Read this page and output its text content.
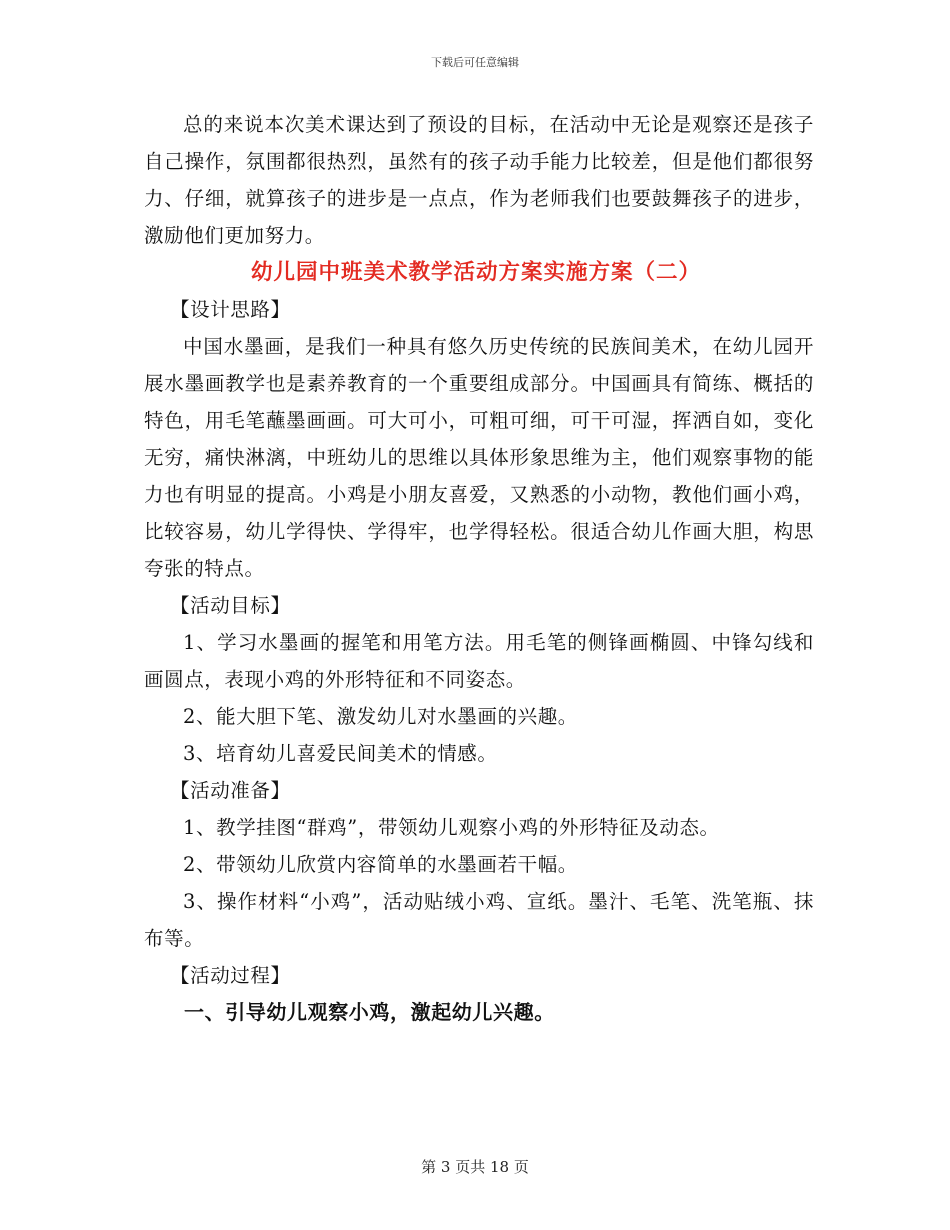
下载后可任意编辑

总的来说本次美术课达到了预设的目标，在活动中无论是观察还是孩子自己操作，氛围都很热烈，虽然有的孩子动手能力比较差，但是他们都很努力、仔细，就算孩子的进步是一点点，作为老师我们也要鼓舞孩子的进步，激励他们更加努力。

幼儿园中班美术教学活动方案实施方案（二）

【设计思路】

中国水墨画，是我们一种具有悠久历史传统的民族间美术，在幼儿园开展水墨画教学也是素养教育的一个重要组成部分。中国画具有简练、概括的特色，用毛笔蘸墨画画。可大可小，可粗可细，可干可湿，挥洒自如，变化无穷，痛快淋漓，中班幼儿的思维以具体形象思维为主，他们观察事物的能力也有明显的提高。小鸡是小朋友喜爱，又熟悉的小动物，教他们画小鸡，比较容易，幼儿学得快、学得牢，也学得轻松。很适合幼儿作画大胆，构思夸张的特点。

【活动目标】

1、学习水墨画的握笔和用笔方法。用毛笔的侧锋画椭圆、中锋勾线和画圆点，表现小鸡的外形特征和不同姿态。

2、能大胆下笔、激发幼儿对水墨画的兴趣。

3、培育幼儿喜爱民间美术的情感。

【活动准备】

1、教学挂图“群鸡”，带领幼儿观察小鸡的外形特征及动态。

2、带领幼儿欣赏内容简单的水墨画若干幅。

3、操作材料“小鸡”，活动贴绒小鸡、宣纸。墨汁、毛笔、洗笔瓶、抹布等。

【活动过程】

一、引导幼儿观察小鸡，激起幼儿兴趣。

第 3 页共 18 页
